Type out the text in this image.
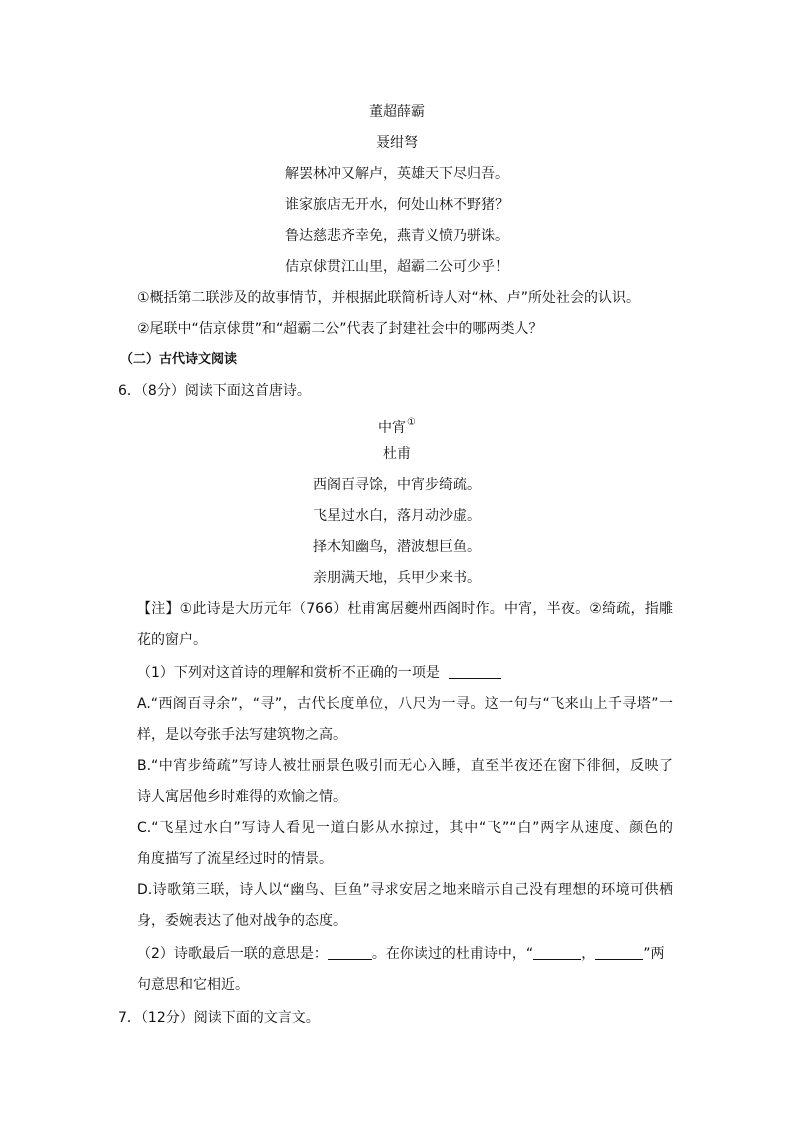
董超薛霸
聂绀弩
解罢林冲又解卢，英雄天下尽归吾。
谁家旅店无开水，何处山林不野猪？
鲁达慈悲齐幸免，燕青义愤乃骈诛。
佶京俅贯江山里，超霸二公可少乎！
①概括第二联涉及的故事情节，并根据此联简析诗人对“林、卢”所处社会的认识。
②尾联中“佶京俅贯”和“超霸二公”代表了封建社会中的哪两类人？
（二）古代诗文阅读
6．（8分）阅读下面这首唐诗。
中宵①
杜甫
西阁百寻馀，中宵步绮疏。
飞星过水白，落月动沙虚。
择木知幽鸟，潜波想巨鱼。
亲朋满天地，兵甲少来书。
【注】①此诗是大历元年（766）杜甫寓居夔州西阁时作。中宵，半夜。②绮疏，指雕
花的窗户。
（1）下列对这首诗的理解和赏析不正确的一项是
A.“西阁百寻余”，“寻”，古代长度单位，八尺为一寻。这一句与“飞来山上千寻塔”一
样，是以夸张手法写建筑物之高。
B.“中宵步绮疏”写诗人被壮丽景色吸引而无心入睡，直至半夜还在窗下徘徊，反映了
诗人寓居他乡时难得的欢愉之情。
C.“飞星过水白”写诗人看见一道白影从水掠过，其中“飞”“白”两字从速度、颜色的
角度描写了流星经过时的情景。
D.诗歌第三联，诗人以“幽鸟、巨鱼”寻求安居之地来暗示自己没有理想的环境可供栖
身，委婉表达了他对战争的态度。
（2）诗歌最后一联的意思是：	。在你读过的杜甫诗中，“	，	”两
句意思和它相近。
7．（12分）阅读下面的文言文。
